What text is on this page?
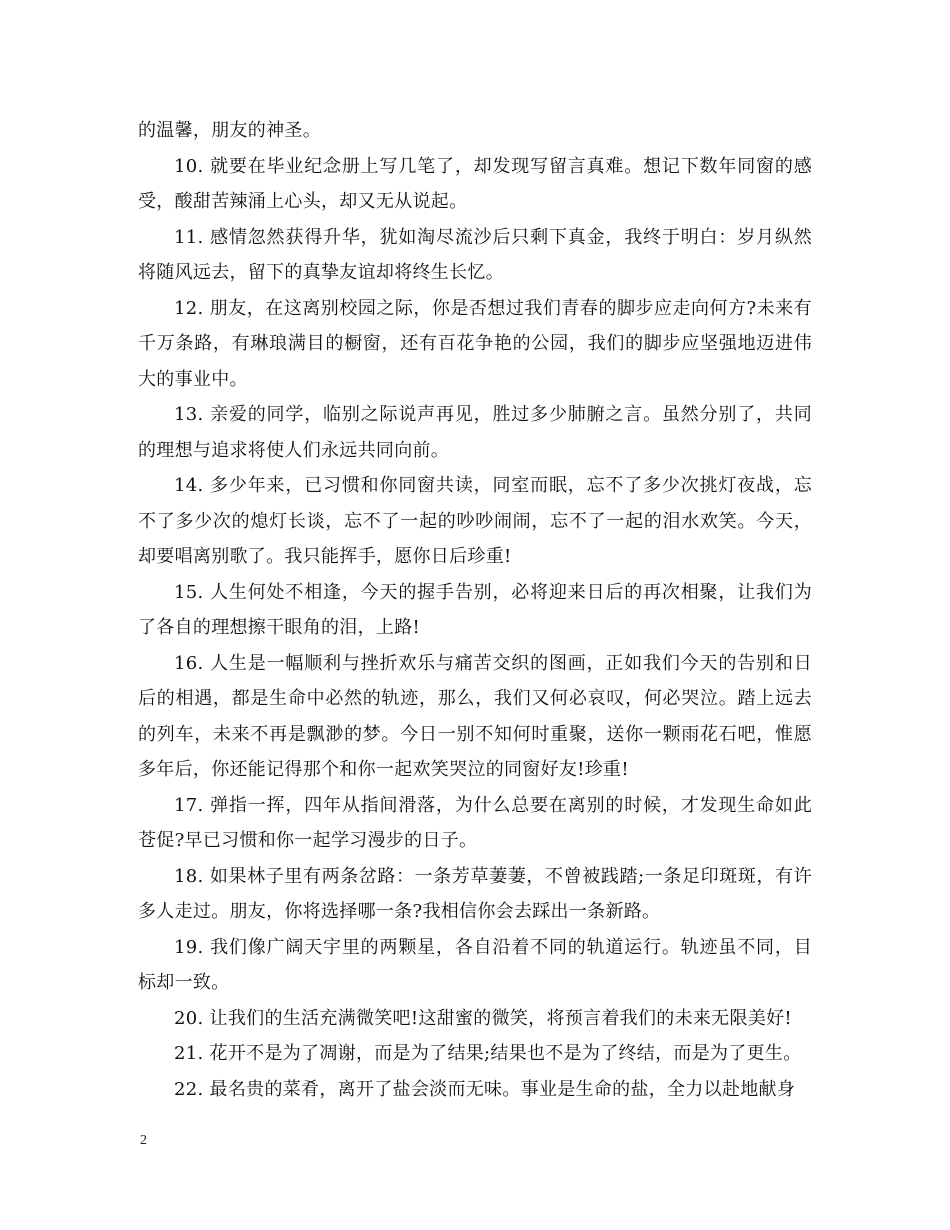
的温馨，朋友的神圣。

10. 就要在毕业纪念册上写几笔了，却发现写留言真难。想记下数年同窗的感受，酸甜苦辣涌上心头，却又无从说起。

11. 感情忽然获得升华，犹如淘尽流沙后只剩下真金，我终于明白：岁月纵然将随风远去，留下的真挚友谊却将终生长忆。

12. 朋友，在这离别校园之际，你是否想过我们青春的脚步应走向何方?未来有千万条路，有琳琅满目的橱窗，还有百花争艳的公园，我们的脚步应坚强地迈进伟大的事业中。

13. 亲爱的同学，临别之际说声再见，胜过多少肺腑之言。虽然分别了，共同的理想与追求将使人们永远共同向前。

14. 多少年来，已习惯和你同窗共读，同室而眠，忘不了多少次挑灯夜战，忘不了多少次的熄灯长谈，忘不了一起的吵吵闹闹，忘不了一起的泪水欢笑。今天，却要唱离别歌了。我只能挥手，愿你日后珍重!

15. 人生何处不相逢，今天的握手告别，必将迎来日后的再次相聚，让我们为了各自的理想擦干眼角的泪，上路!

16. 人生是一幅顺利与挫折欢乐与痛苦交织的图画，正如我们今天的告别和日后的相遇，都是生命中必然的轨迹，那么，我们又何必哀叹，何必哭泣。踏上远去的列车，未来不再是飘渺的梦。今日一别不知何时重聚，送你一颗雨花石吧，惟愿多年后，你还能记得那个和你一起欢笑哭泣的同窗好友!珍重!

17. 弹指一挥，四年从指间滑落，为什么总要在离别的时候，才发现生命如此苍促?早已习惯和你一起学习漫步的日子。

18. 如果林子里有两条岔路：一条芳草萋萋，不曾被践踏;一条足印斑斑，有许多人走过。朋友，你将选择哪一条?我相信你会去踩出一条新路。

19. 我们像广阔天宇里的两颗星，各自沿着不同的轨道运行。轨迹虽不同，目标却一致。

20. 让我们的生活充满微笑吧!这甜蜜的微笑，将预言着我们的未来无限美好!

21. 花开不是为了凋谢，而是为了结果;结果也不是为了终结，而是为了更生。

22. 最名贵的菜肴，离开了盐会淡而无味。事业是生命的盐，全力以赴地献身

2
